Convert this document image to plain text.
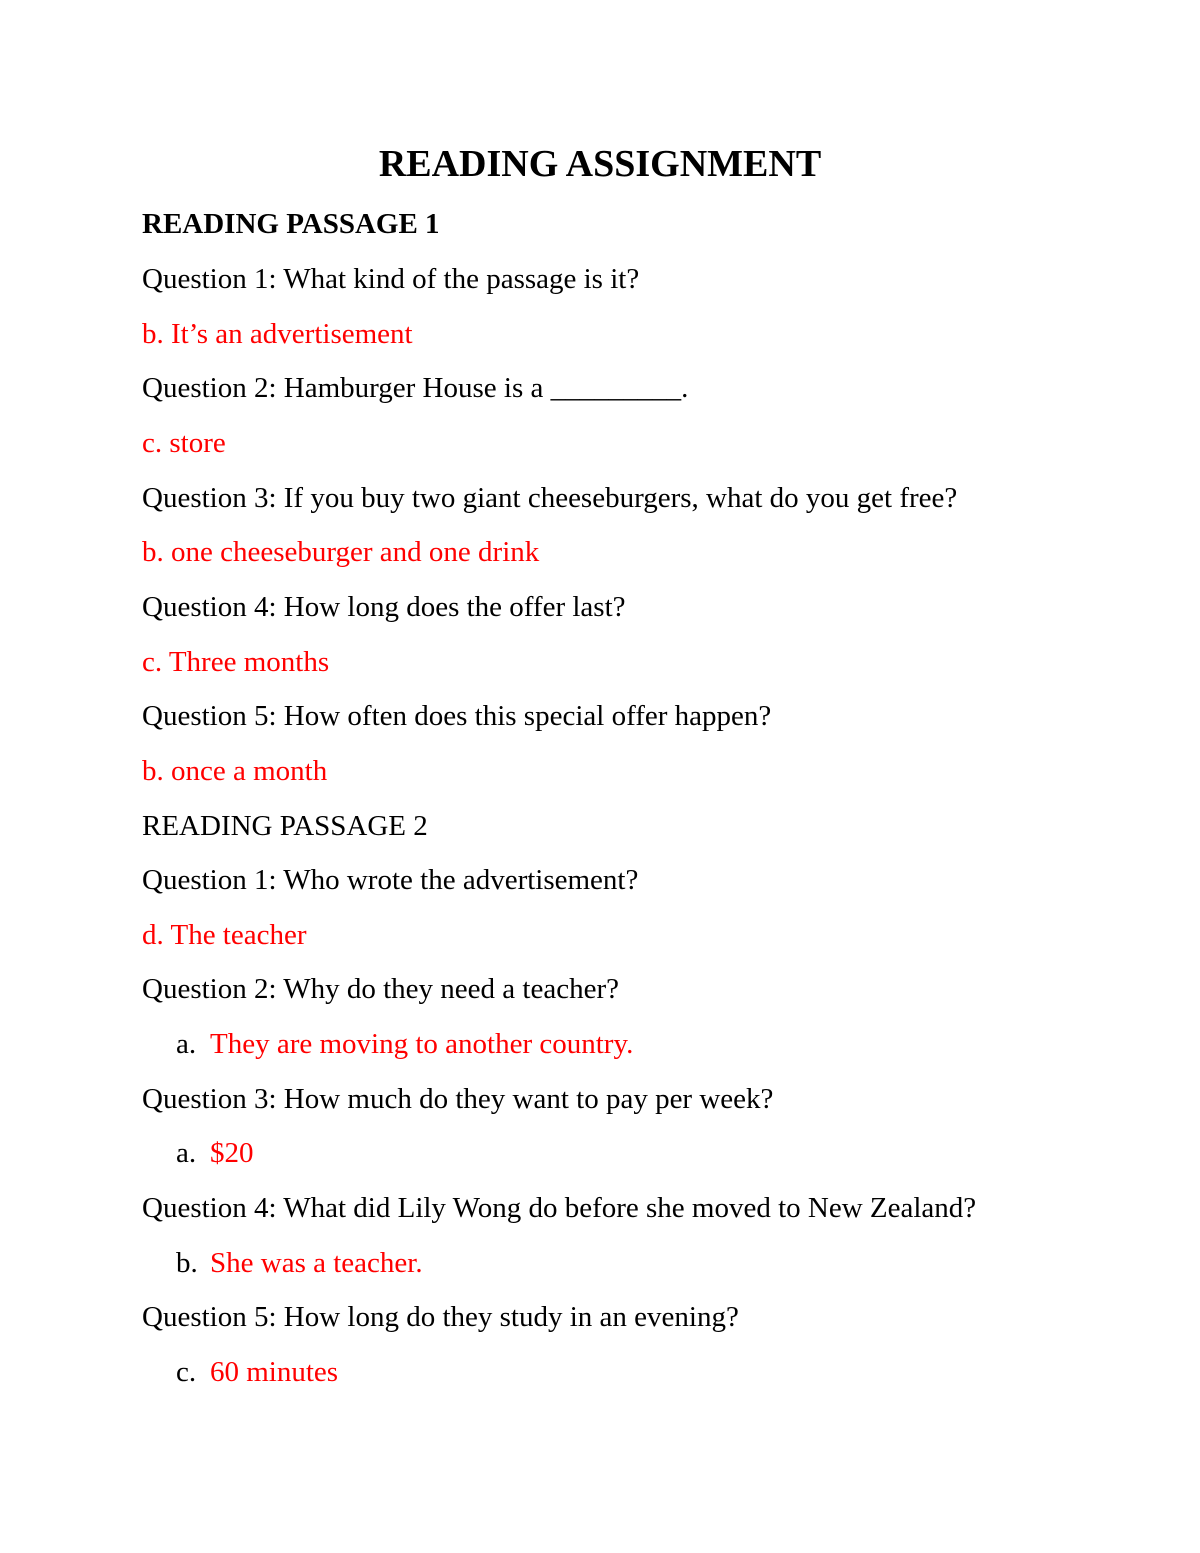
READING ASSIGNMENT
READING PASSAGE 1
Question 1: What kind of the passage is it?
b. It’s an advertisement
Question 2: Hamburger House is a _________.
c. store
Question 3: If you buy two giant cheeseburgers, what do you get free?
b. one cheeseburger and one drink
Question 4: How long does the offer last?
c. Three months
Question 5: How often does this special offer happen?
b. once a month
READING PASSAGE 2
Question 1: Who wrote the advertisement?
d. The teacher
Question 2: Why do they need a teacher?
a. They are moving to another country.
Question 3: How much do they want to pay per week?
a. $20
Question 4: What did Lily Wong do before she moved to New Zealand?
b. She was a teacher.
Question 5: How long do they study in an evening?
c. 60 minutes
